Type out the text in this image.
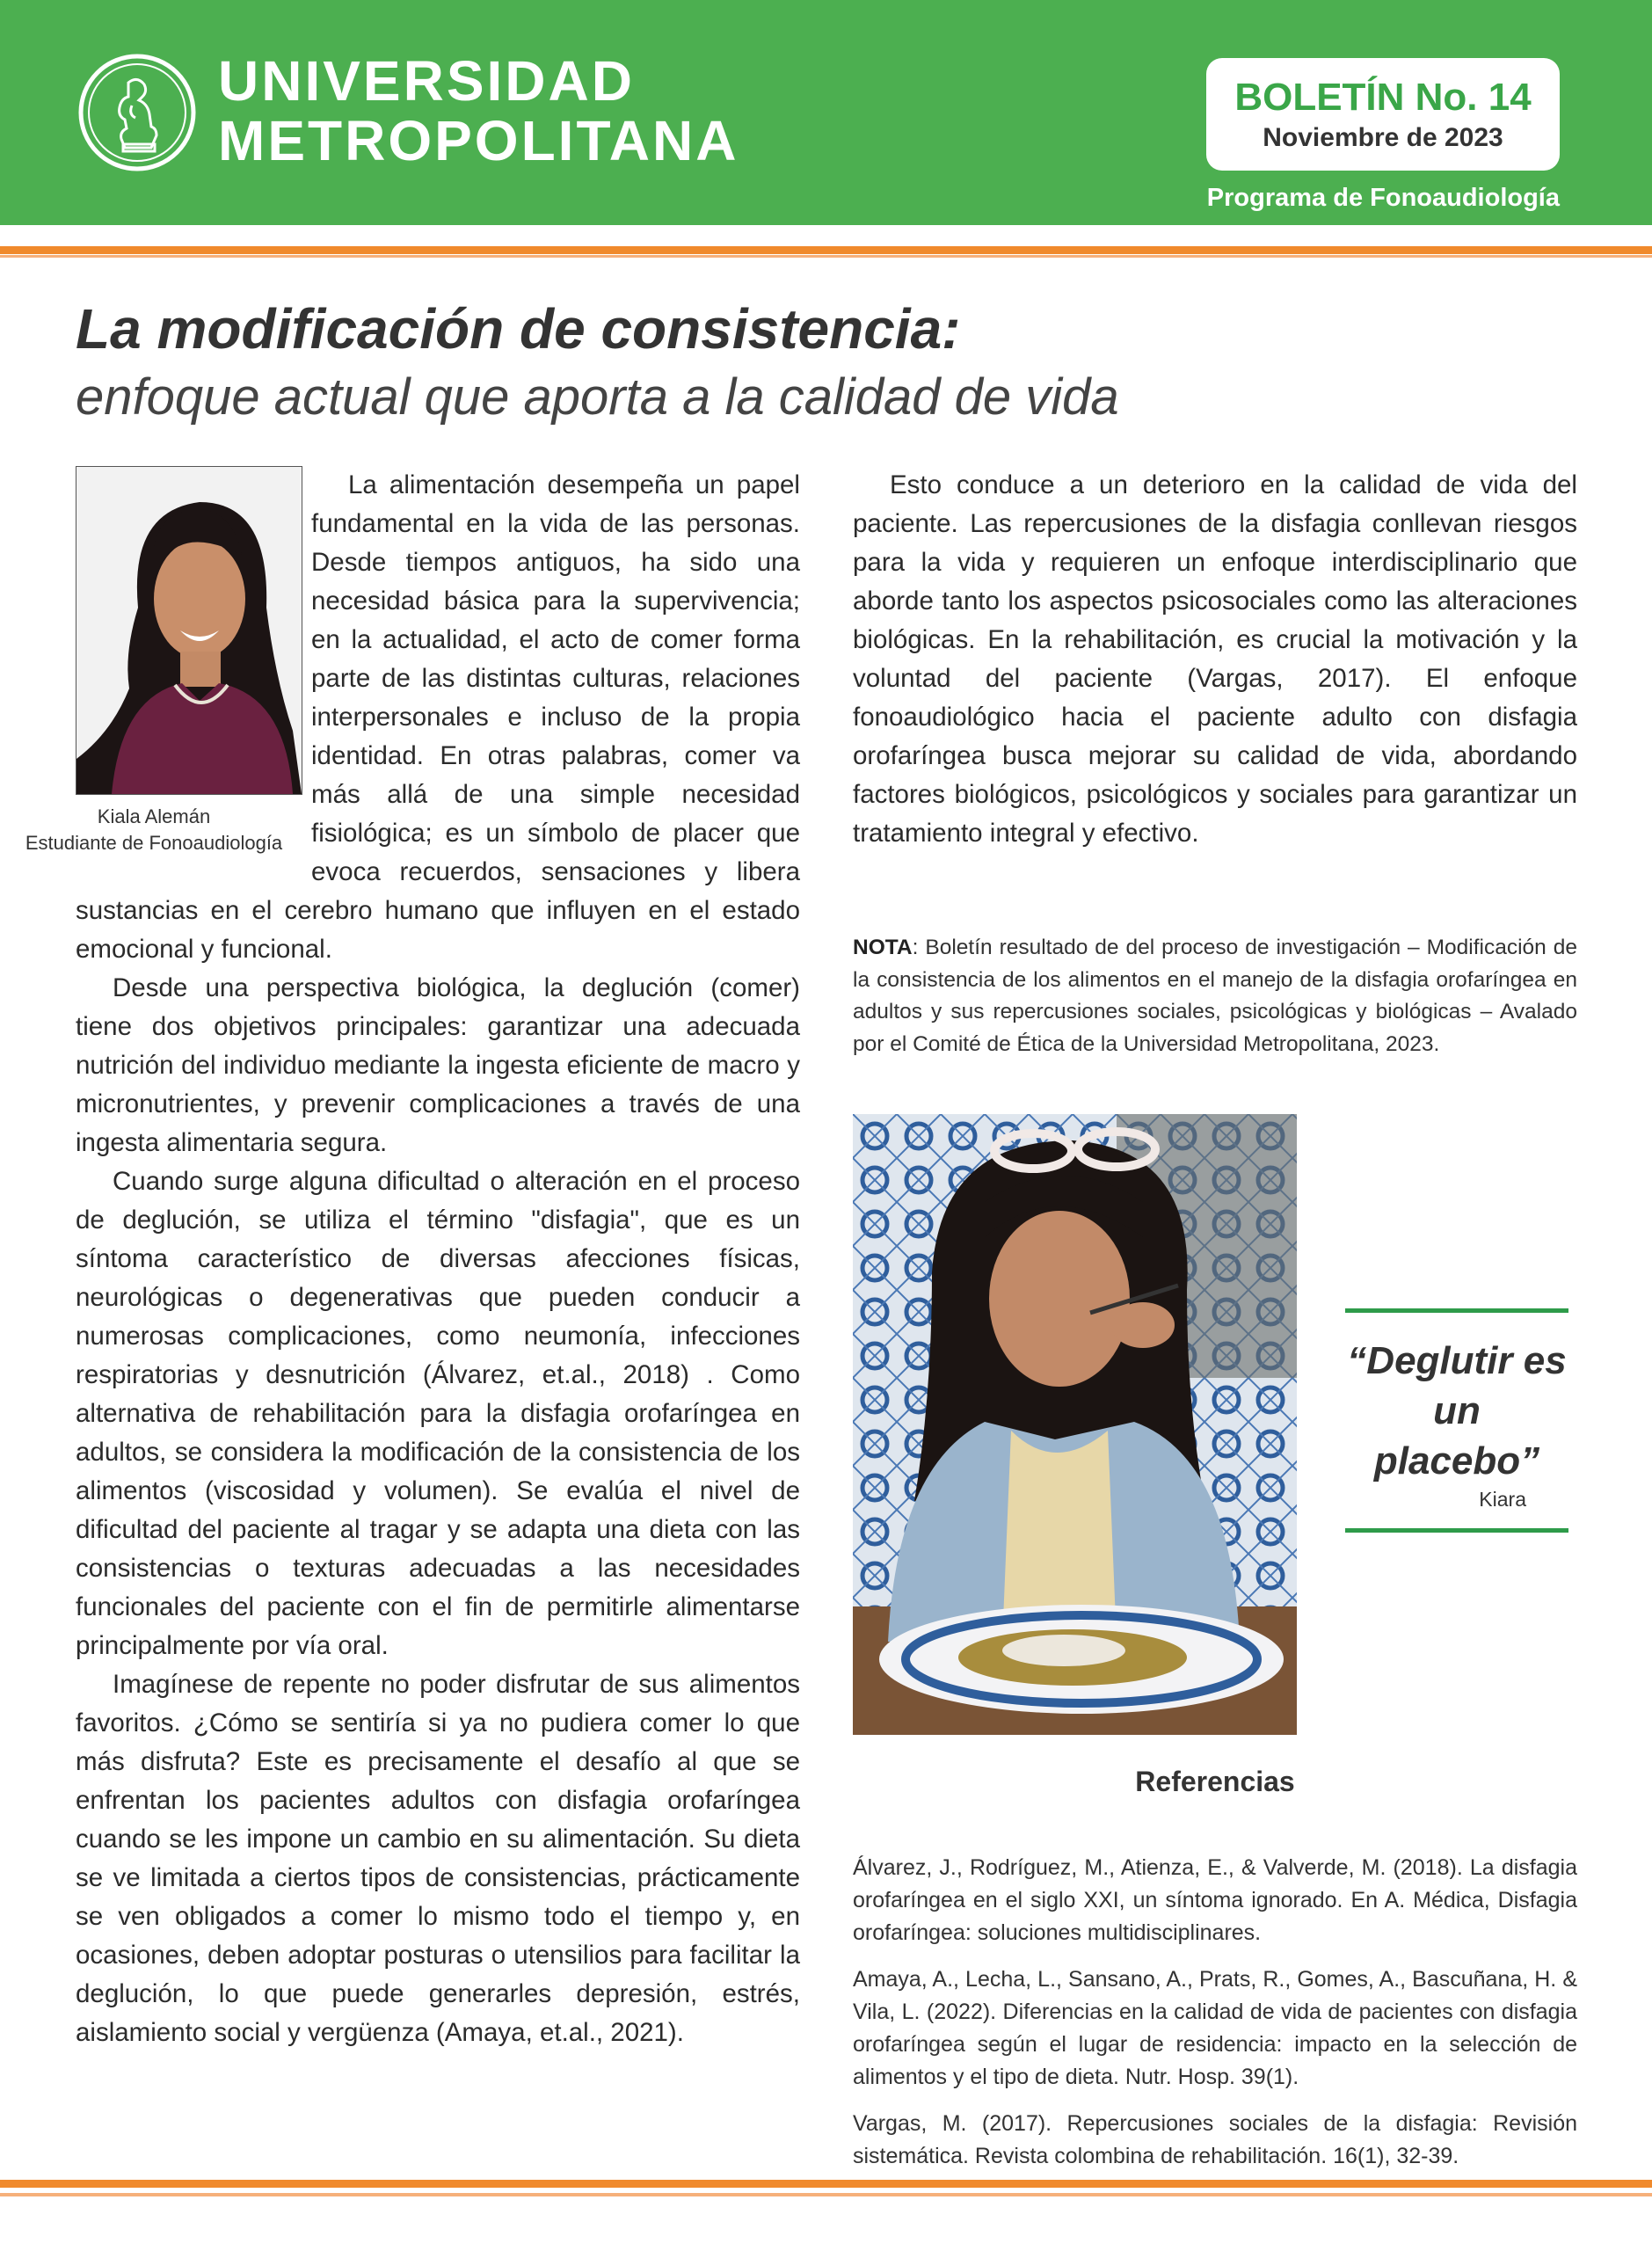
UNIVERSIDAD
METROPOLITANA
BOLETÍN No. 14
Noviembre de 2023
Programa de Fonoaudiología
La modificación de consistencia:
enfoque actual que aporta a la calidad de vida
Kiala Alemán
Estudiante de Fonoaudiología

La alimentación desempeña un papel fundamental en la vida de las personas. Desde tiempos antiguos, ha sido una necesidad básica para la supervivencia; en la actualidad, el acto de comer forma parte de las distintas culturas, relaciones interpersonales e incluso de la propia identidad. En otras palabras, comer va más allá de una simple necesidad fisiológica; es un símbolo de placer que evoca recuerdos, sensaciones y libera sustancias en el cerebro humano que influyen en el estado emocional y funcional.

Desde una perspectiva biológica, la deglución (comer) tiene dos objetivos principales: garantizar una adecuada nutrición del individuo mediante la ingesta eficiente de macro y micronutrientes, y prevenir complicaciones a través de una ingesta alimentaria segura.

Cuando surge alguna dificultad o alteración en el proceso de deglución, se utiliza el término "disfagia", que es un síntoma característico de diversas afecciones físicas, neurológicas o degenerativas que pueden conducir a numerosas complicaciones, como neumonía, infecciones respiratorias y desnutrición (Álvarez, et.al., 2018) . Como alternativa de rehabilitación para la disfagia orofaríngea en adultos, se considera la modificación de la consistencia de los alimentos (viscosidad y volumen). Se evalúa el nivel de dificultad del paciente al tragar y se adapta una dieta con las consistencias o texturas adecuadas a las necesidades funcionales del paciente con el fin de permitirle alimentarse principalmente por vía oral.

Imagínese de repente no poder disfrutar de sus alimentos favoritos. ¿Cómo se sentiría si ya no pudiera comer lo que más disfruta? Este es precisamente el desafío al que se enfrentan los pacientes adultos con disfagia orofaríngea cuando se les impone un cambio en su alimentación. Su dieta se ve limitada a ciertos tipos de consistencias, prácticamente se ven obligados a comer lo mismo todo el tiempo y, en ocasiones, deben adoptar posturas o utensilios para facilitar la deglución, lo que puede generarles depresión, estrés, aislamiento social y vergüenza (Amaya, et.al., 2021).

Esto conduce a un deterioro en la calidad de vida del paciente. Las repercusiones de la disfagia conllevan riesgos para la vida y requieren un enfoque interdisciplinario que aborde tanto los aspectos psicosociales como las alteraciones biológicas. En la rehabilitación, es crucial la motivación y la voluntad del paciente (Vargas, 2017). El enfoque fonoaudiológico hacia el paciente adulto con disfagia orofaríngea busca mejorar su calidad de vida, abordando factores biológicos, psicológicos y sociales para garantizar un tratamiento integral y efectivo.

NOTA: Boletín resultado de del proceso de investigación – Modificación de la consistencia de los alimentos en el manejo de la disfagia orofaríngea en adultos y sus repercusiones sociales, psicológicas y biológicas – Avalado por el Comité de Ética de la Universidad Metropolitana, 2023.
“Deglutir es un placebo”
Kiara
Referencias

Álvarez, J., Rodríguez, M., Atienza, E., & Valverde, M. (2018). La disfagia orofaríngea en el siglo XXI, un síntoma ignorado. En A. Médica, Disfagia orofaríngea: soluciones multidisciplinares.

Amaya, A., Lecha, L., Sansano, A., Prats, R., Gomes, A., Bascuñana, H. & Vila, L. (2022). Diferencias en la calidad de vida de pacientes con disfagia orofaríngea según el lugar de residencia: impacto en la selección de alimentos y el tipo de dieta. Nutr. Hosp. 39(1).

Vargas, M. (2017). Repercusiones sociales de la disfagia: Revisión sistemática. Revista colombina de rehabilitación. 16(1), 32-39.
